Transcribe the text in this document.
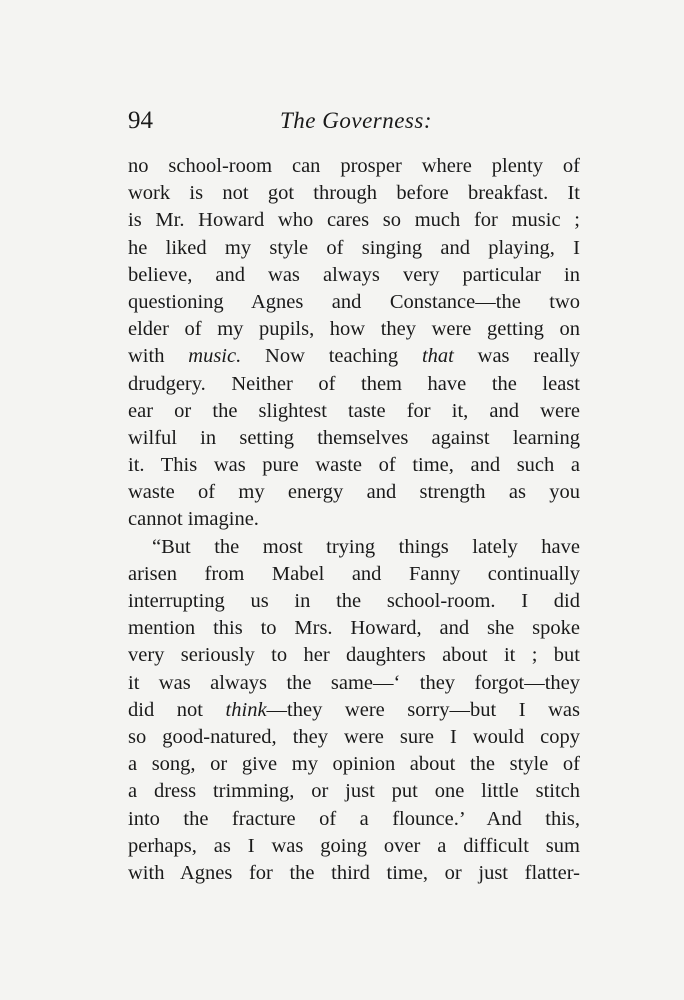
94	The Governess:
no school-room can prosper where plenty of
work is not got through before breakfast. It
is Mr. Howard who cares so much for music ;
he liked my style of singing and playing, I
believe, and was always very particular in
questioning Agnes and Constance—the two
elder of my pupils, how they were getting on
with music. Now teaching that was really
drudgery. Neither of them have the least
ear or the slightest taste for it, and were
wilful in setting themselves against learning
it. This was pure waste of time, and such a
waste of my energy and strength as you
cannot imagine.
“But the most trying things lately have
arisen from Mabel and Fanny continually
interrupting us in the school-room. I did
mention this to Mrs. Howard, and she spoke
very seriously to her daughters about it ; but
it was always the same—‘ they forgot—they
did not think—they were sorry—but I was
so good-natured, they were sure I would copy
a song, or give my opinion about the style of
a dress trimming, or just put one little stitch
into the fracture of a flounce.’ And this,
perhaps, as I was going over a difficult sum
with Agnes for the third time, or just flatter-
